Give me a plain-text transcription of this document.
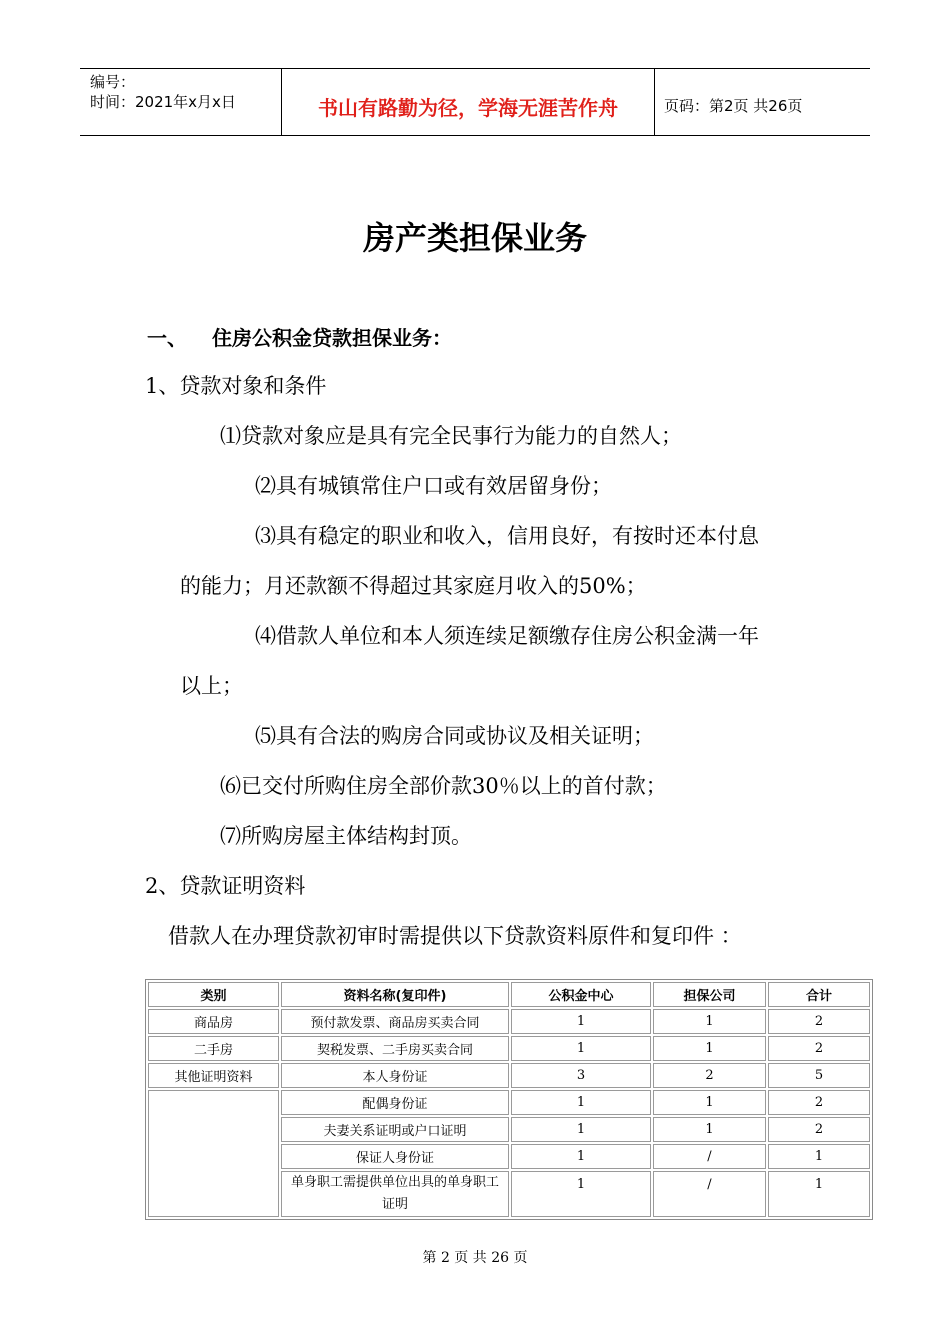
编号：
时间：2021年x月x日	书山有路勤为径，学海无涯苦作舟	页码：第2页 共26页
房产类担保业务
一、 住房公积金贷款担保业务：
1、贷款对象和条件
⑴贷款对象应是具有完全民事行为能力的自然人；
⑵具有城镇常住户口或有效居留身份；
⑶具有稳定的职业和收入，信用良好，有按时还本付息
的能力；月还款额不得超过其家庭月收入的50%；
⑷借款人单位和本人须连续足额缴存住房公积金满一年
以上；
⑸具有合法的购房合同或协议及相关证明；
⑹已交付所购住房全部价款30％以上的首付款；
⑺所购房屋主体结构封顶。
2、贷款证明资料
借款人在办理贷款初审时需提供以下贷款资料原件和复印件 ：
类别	资料名称(复印件)	公积金中心	担保公司	合计
商品房	预付款发票、商品房买卖合同	1	1	2
二手房	契税发票、二手房买卖合同	1	1	2
其他证明资料	本人身份证	3	2	5
	配偶身份证	1	1	2
	夫妻关系证明或户口证明	1	1	2
	保证人身份证	1	/	1
	单身职工需提供单位出具的单身职工证明	1	/	1
第 2 页 共 26 页
